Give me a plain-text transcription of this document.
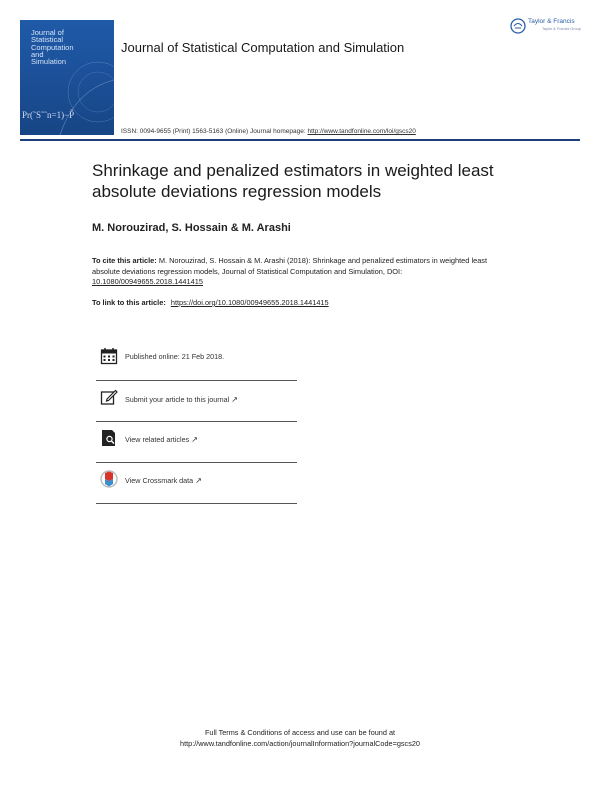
Journal of
Statistical
Computation
and
Simulation
Pr(˜S˜˜n=1)−P̃
Journal of Statistical Computation and Simulation
Taylor & Francis
Taylor & Francis Group
ISSN: 0094-9655 (Print) 1563-5163 (Online) Journal homepage: http://www.tandfonline.com/loi/gscs20
Shrinkage and penalized estimators in weighted least absolute deviations regression models
M. Norouzirad, S. Hossain & M. Arashi
To cite this article: M. Norouzirad, S. Hossain & M. Arashi (2018): Shrinkage and penalized estimators in weighted least absolute deviations regression models, Journal of Statistical Computation and Simulation, DOI: 10.1080/00949655.2018.1441415
To link to this article: https://doi.org/10.1080/00949655.2018.1441415
Published online: 21 Feb 2018.
Submit your article to this journal ↗
View related articles ↗
View Crossmark data ↗
Full Terms & Conditions of access and use can be found at
http://www.tandfonline.com/action/journalInformation?journalCode=gscs20
